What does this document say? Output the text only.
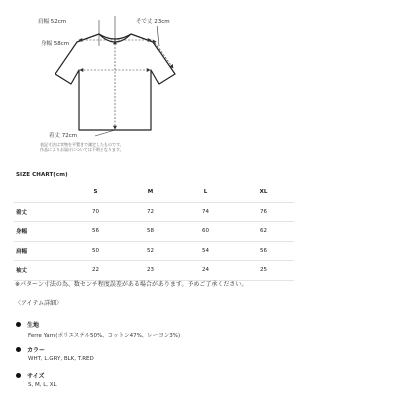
肩幅 52cm
身幅 58cm
そで丈 23cm
着丈 72cm
表記寸法は実物を平置きで測定したものです。
作品によりお届けについては不明となります。
SIZE CHART(cm)
	S	M	L	XL
着丈	70	72	74	76
身幅	56	58	60	62
肩幅	50	52	54	56
袖丈	22	23	24	25
※パターン寸法の為、数センチ程度誤差がある場合があります。予めご了承ください。
〈アイテム詳細〉
生地
Ferre Yarn(ポリエステル50%、コットン47%、レーヨン3%)
カラー
WHT, L.GRY, BLK, T.RED
サイズ
S, M, L, XL
